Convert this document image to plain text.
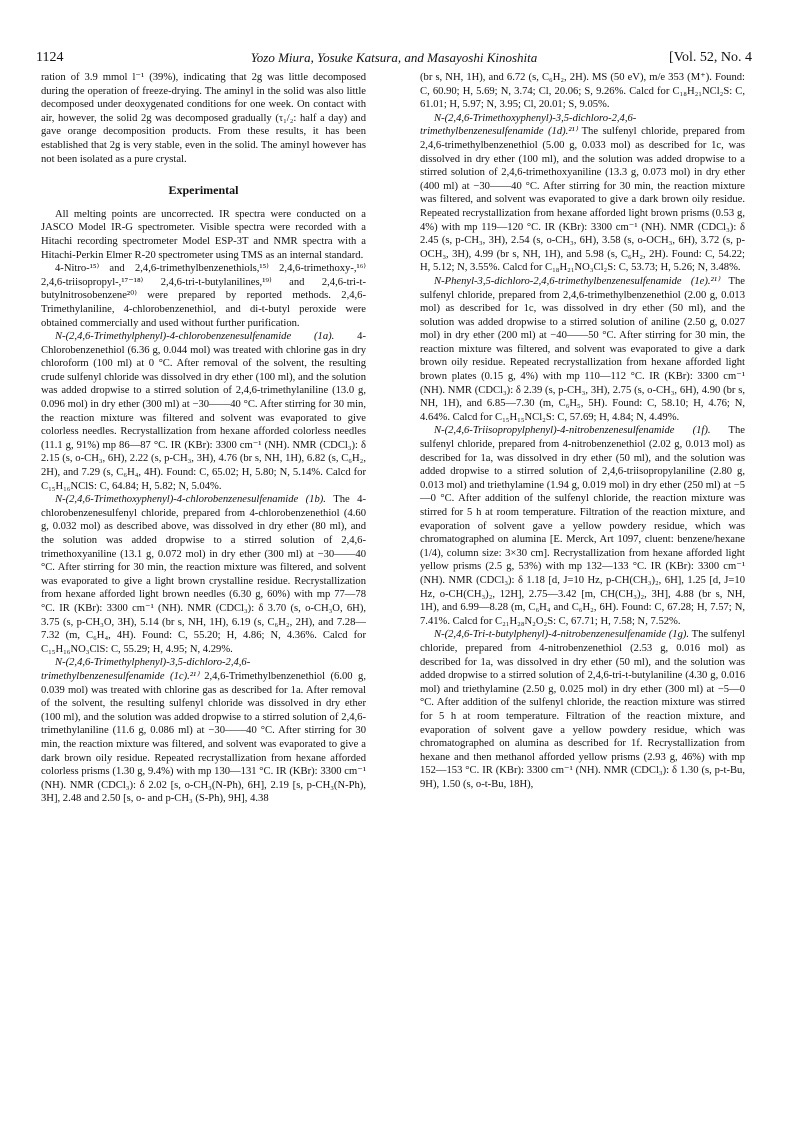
1124	Yozo Miura, Yosuke Katsura, and Masayoshi Kinoshita	[Vol. 52, No. 4

ration of 3.9 mmol l⁻¹ (39%), indicating that 2g was little decomposed during the operation of freeze-drying. The aminyl in the solid was also little decomposed under deoxygenated conditions for one week. On contact with air, however, the solid 2g was decomposed gradually (τ₁/₂: half a day) and gave orange decomposition products. From these results, it has been established that 2g is very stable, even in the solid. The aminyl however has not been isolated as a pure crystal.

Experimental

All melting points are uncorrected. IR spectra were conducted on a JASCO Model IR-G spectrometer. Visible spectra were recorded with a Hitachi recording spectrometer Model ESP-3T and NMR spectra with a Hitachi-Perkin Elmer R-20 spectrometer using TMS as an internal standard.

4-Nitro-¹⁵⁾ and 2,4,6-trimethylbenzenethiols,¹⁵⁾ 2,4,6-trimethoxy-,¹⁶⁾ 2,4,6-triisopropyl-,¹⁷⁻¹⁸⁾ 2,4,6-tri-t-butylanilines,¹⁹⁾ and 2,4,6-tri-t-butylnitrosobenzene²⁰⁾ were prepared by reported methods. 2,4,6-Trimethylaniline, 4-chlorobenzenethiol, and di-t-butyl peroxide were obtained commercially and used without further purification.

N-(2,4,6-Trimethylphenyl)-4-chlorobenzenesulfenamide (1a). 4-Chlorobenzenethiol (6.36 g, 0.044 mol) was treated with chlorine gas in dry chloroform (100 ml) at 0 °C. After removal of the solvent, the resulting crude sulfenyl chloride was dissolved in dry ether (100 ml), and the solution was added dropwise to a stirred solution of 2,4,6-trimethylaniline (13.0 g, 0.096 mol) in dry ether (300 ml) at −30——40 °C. After stirring for 30 min, the reaction mixture was filtered and solvent was evaporated to give colorless needles. Recrystallization from hexane afforded colorless needles (11.1 g, 91%) mp 86—87 °C. IR (KBr): 3300 cm⁻¹ (NH). NMR (CDCl₃): δ 2.15 (s, o-CH₃, 6H), 2.22 (s, p-CH₃, 3H), 4.76 (br s, NH, 1H), 6.82 (s, C₆H₂, 2H), and 7.29 (s, C₆H₄, 4H). Found: C, 65.02; H, 5.80; N, 5.14%. Calcd for C₁₅H₁₆NClS: C, 64.84; H, 5.82; N, 5.04%.

N-(2,4,6-Trimethoxyphenyl)-4-chlorobenzenesulfenamide (1b). The 4-chlorobenzenesulfenyl chloride, prepared from 4-chlorobenzenethiol (4.60 g, 0.032 mol) as described above, was dissolved in dry ether (80 ml), and the solution was added dropwise to a stirred solution of 2,4,6-trimethoxyaniline (13.1 g, 0.072 mol) in dry ether (300 ml) at −30——40 °C. After stirring for 30 min, the reaction mixture was filtered, and solvent was evaporated to give a light brown crystalline residue. Recrystallization from hexane afforded light brown needles (6.30 g, 60%) with mp 77—78 °C. IR (KBr): 3300 cm⁻¹ (NH). NMR (CDCl₃): δ 3.70 (s, o-CH₃O, 6H), 3.75 (s, p-CH₃O, 3H), 5.14 (br s, NH, 1H), 6.19 (s, C₆H₂, 2H), and 7.28—7.32 (m, C₆H₄, 4H). Found: C, 55.20; H, 4.86; N, 4.36%. Calcd for C₁₅H₁₆NO₃ClS: C, 55.29; H, 4.95; N, 4.29%.

N-(2,4,6-Trimethylphenyl)-3,5-dichloro-2,4,6-trimethylbenzenesulfenamide (1c).²¹⁾ 2,4,6-Trimethylbenzenethiol (6.00 g, 0.039 mol) was treated with chlorine gas as described for 1a. After removal of the solvent, the resulting sulfenyl chloride was dissolved in dry ether (100 ml), and the solution was added dropwise to a stirred solution of 2,4,6-trimethylaniline (11.6 g, 0.086 ml) at −30——40 °C. After stirring for 30 min, the reaction mixture was filtered, and solvent was evaporated to give a dark brown oily residue. Repeated recrystallization from hexane afforded colorless prisms (1.30 g, 9.4%) with mp 130—131 °C. IR (KBr): 3300 cm⁻¹ (NH). NMR (CDCl₃): δ 2.02 [s, o-CH₃(N-Ph), 6H], 2.19 [s, p-CH₃(N-Ph), 3H], 2.48 and 2.50 [s, o- and p-CH₃ (S-Ph), 9H], 4.38

(br s, NH, 1H), and 6.72 (s, C₆H₂, 2H). MS (50 eV), m/e 353 (M⁺). Found: C, 60.90; H, 5.69; N, 3.74; Cl, 20.06; S, 9.26%. Calcd for C₁₈H₂₁NCl₂S: C, 61.01; H, 5.97; N, 3.95; Cl, 20.01; S, 9.05%.

N-(2,4,6-Trimethoxyphenyl)-3,5-dichloro-2,4,6-trimethylbenzenesulfenamide (1d).²¹⁾ The sulfenyl chloride, prepared from 2,4,6-trimethylbenzenethiol (5.00 g, 0.033 mol) as described for 1c, was dissolved in dry ether (100 ml), and the solution was added dropwise to a stirred solution of 2,4,6-trimethoxyaniline (13.3 g, 0.073 mol) in dry ether (400 ml) at −30——40 °C. After stirring for 30 min, the reaction mixture was filtered, and solvent was evaporated to give a dark brown oily residue. Repeated recrystallization from hexane afforded light brown prisms (0.53 g, 4%) with mp 119—120 °C. IR (KBr): 3300 cm⁻¹ (NH). NMR (CDCl₃): δ 2.45 (s, p-CH₃, 3H), 2.54 (s, o-CH₃, 6H), 3.58 (s, o-OCH₃, 6H), 3.72 (s, p-OCH₃, 3H), 4.99 (br s, NH, 1H), and 5.98 (s, C₆H₂, 2H). Found: C, 54.22; H, 5.12; N, 3.55%. Calcd for C₁₈H₂₁NO₃Cl₂S: C, 53.73; H, 5.26; N, 3.48%.

N-Phenyl-3,5-dichloro-2,4,6-trimethylbenzenesulfenamide (1e).²¹⁾ The sulfenyl chloride, prepared from 2,4,6-trimethylbenzenethiol (2.00 g, 0.013 mol) as described for 1c, was dissolved in dry ether (50 ml), and the solution was added dropwise to a stirred solution of aniline (2.50 g, 0.027 mol) in dry ether (200 ml) at −40——50 °C. After stirring for 30 min, the reaction mixture was filtered, and solvent was evaporated to give a dark brown oily residue. Repeated recrystallization from hexane afforded light brown plates (0.15 g, 4%) with mp 110—112 °C. IR (KBr): 3300 cm⁻¹ (NH). NMR (CDCl₃): δ 2.39 (s, p-CH₃, 3H), 2.75 (s, o-CH₃, 6H), 4.90 (br s, NH, 1H), and 6.85—7.30 (m, C₆H₅, 5H). Found: C, 58.10; H, 4.76; N, 4.64%. Calcd for C₁₅H₁₅NCl₂S: C, 57.69; H, 4.84; N, 4.49%.

N-(2,4,6-Triisopropylphenyl)-4-nitrobenzenesulfenamide (1f). The sulfenyl chloride, prepared from 4-nitrobenzenethiol (2.02 g, 0.013 mol) as described for 1a, was dissolved in dry ether (50 ml), and the solution was added dropwise to a stirred solution of 2,4,6-triisopropylaniline (2.80 g, 0.013 mol) and triethylamine (1.94 g, 0.019 mol) in dry ether (250 ml) at −5—0 °C. After addition of the sulfenyl chloride, the reaction mixture was stirred for 5 h at room temperature. Filtration of the reaction mixture, and evaporation of solvent gave a yellow powdery residue, which was chromatographed on alumina [E. Merck, Art 1097, cluent: benzene/hexane (1/4), column size: 3×30 cm]. Recrystallization from hexane afforded light yellow prisms (2.5 g, 53%) with mp 132—133 °C. IR (KBr): 3300 cm⁻¹ (NH). NMR (CDCl₃): δ 1.18 [d, J=10 Hz, p-CH(CH₃)₂, 6H], 1.25 [d, J=10 Hz, o-CH(CH₃)₂, 12H], 2.75—3.42 [m, CH(CH₃)₂, 3H], 4.88 (br s, NH, 1H), and 6.99—8.28 (m, C₆H₄ and C₆H₂, 6H). Found: C, 67.28; H, 7.57; N, 7.41%. Calcd for C₂₁H₂₈N₂O₂S: C, 67.71; H, 7.58; N, 7.52%.

N-(2,4,6-Tri-t-butylphenyl)-4-nitrobenzenesulfenamide (1g). The sulfenyl chloride, prepared from 4-nitrobenzenethiol (2.53 g, 0.016 mol) as described for 1a, was dissolved in dry ether (50 ml), and the solution was added dropwise to a stirred solution of 2,4,6-tri-t-butylaniline (4.30 g, 0.016 mol) and triethylamine (2.50 g, 0.025 mol) in dry ether (300 ml) at −5—0 °C. After addition of the sulfenyl chloride, the reaction mixture was stirred for 5 h at room temperature. Filtration of the reaction mixture, and evaporation of solvent gave a yellow powdery residue, which was chromatographed on alumina as described for 1f. Recrystallization from hexane and then methanol afforded yellow prisms (2.93 g, 46%) with mp 152—153 °C. IR (KBr): 3300 cm⁻¹ (NH). NMR (CDCl₃): δ 1.30 (s, p-t-Bu, 9H), 1.50 (s, o-t-Bu, 18H),
